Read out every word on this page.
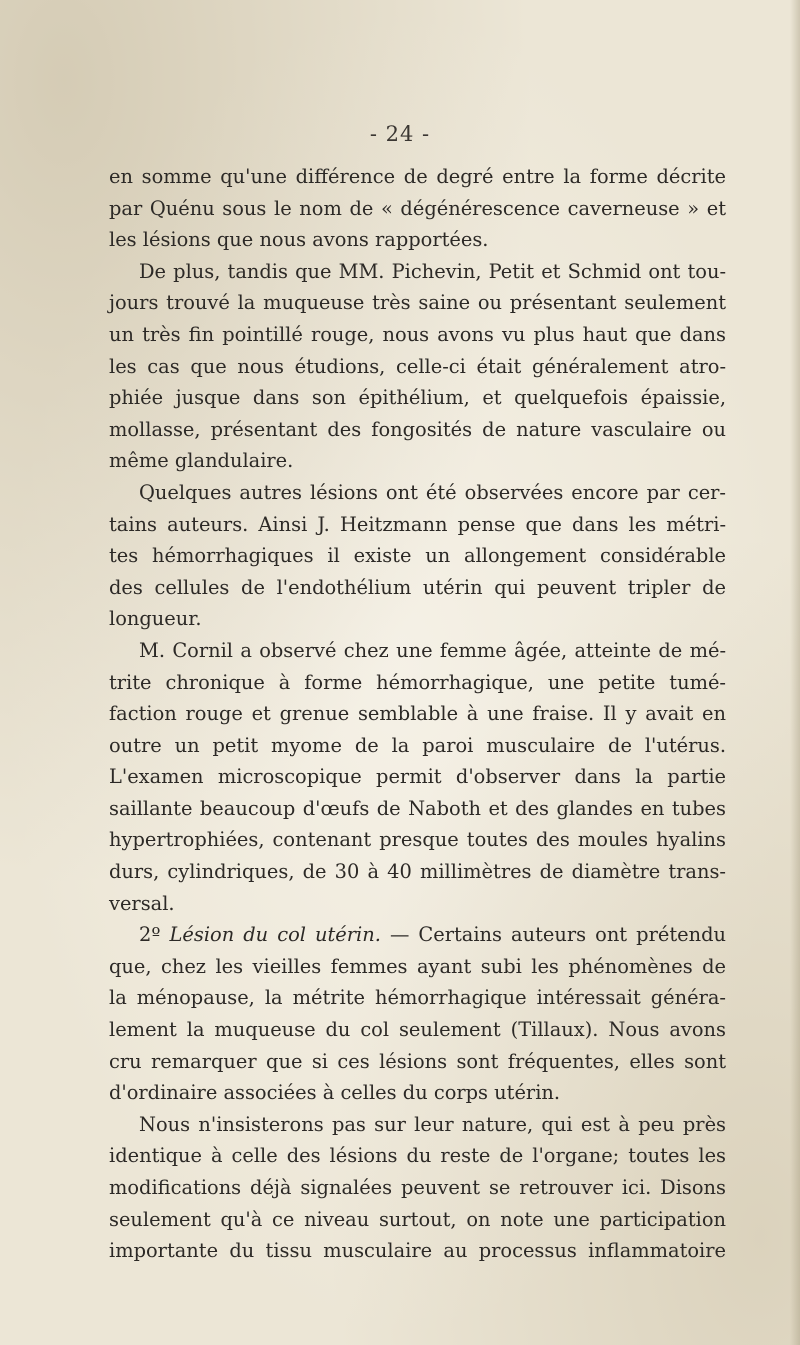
- 24 -
en somme qu'une différence de degré entre la forme décrite
par Quénu sous le nom de « dégénérescence caverneuse » et
les lésions que nous avons rapportées.
De plus, tandis que MM. Pichevin, Petit et Schmid ont tou-
jours trouvé la muqueuse très saine ou présentant seulement
un très fin pointillé rouge, nous avons vu plus haut que dans
les cas que nous étudions, celle-ci était généralement atro-
phiée jusque dans son épithélium, et quelquefois épaissie,
mollasse, présentant des fongosités de nature vasculaire ou
même glandulaire.
Quelques autres lésions ont été observées encore par cer-
tains auteurs. Ainsi J. Heitzmann pense que dans les métri-
tes hémorrhagiques il existe un allongement considérable
des cellules de l'endothélium utérin qui peuvent tripler de
longueur.
M. Cornil a observé chez une femme âgée, atteinte de mé-
trite chronique à forme hémorrhagique, une petite tumé-
faction rouge et grenue semblable à une fraise. Il y avait en
outre un petit myome de la paroi musculaire de l'utérus.
L'examen microscopique permit d'observer dans la partie
saillante beaucoup d'œufs de Naboth et des glandes en tubes
hypertrophiées, contenant presque toutes des moules hyalins
durs, cylindriques, de 30 à 40 millimètres de diamètre trans-
versal.
2º Lésion du col utérin. — Certains auteurs ont prétendu
que, chez les vieilles femmes ayant subi les phénomènes de
la ménopause, la métrite hémorrhagique intéressait généra-
lement la muqueuse du col seulement (Tillaux). Nous avons
cru remarquer que si ces lésions sont fréquentes, elles sont
d'ordinaire associées à celles du corps utérin.
Nous n'insisterons pas sur leur nature, qui est à peu près
identique à celle des lésions du reste de l'organe; toutes les
modifications déjà signalées peuvent se retrouver ici. Disons
seulement qu'à ce niveau surtout, on note une participation
importante du tissu musculaire au processus inflammatoire
